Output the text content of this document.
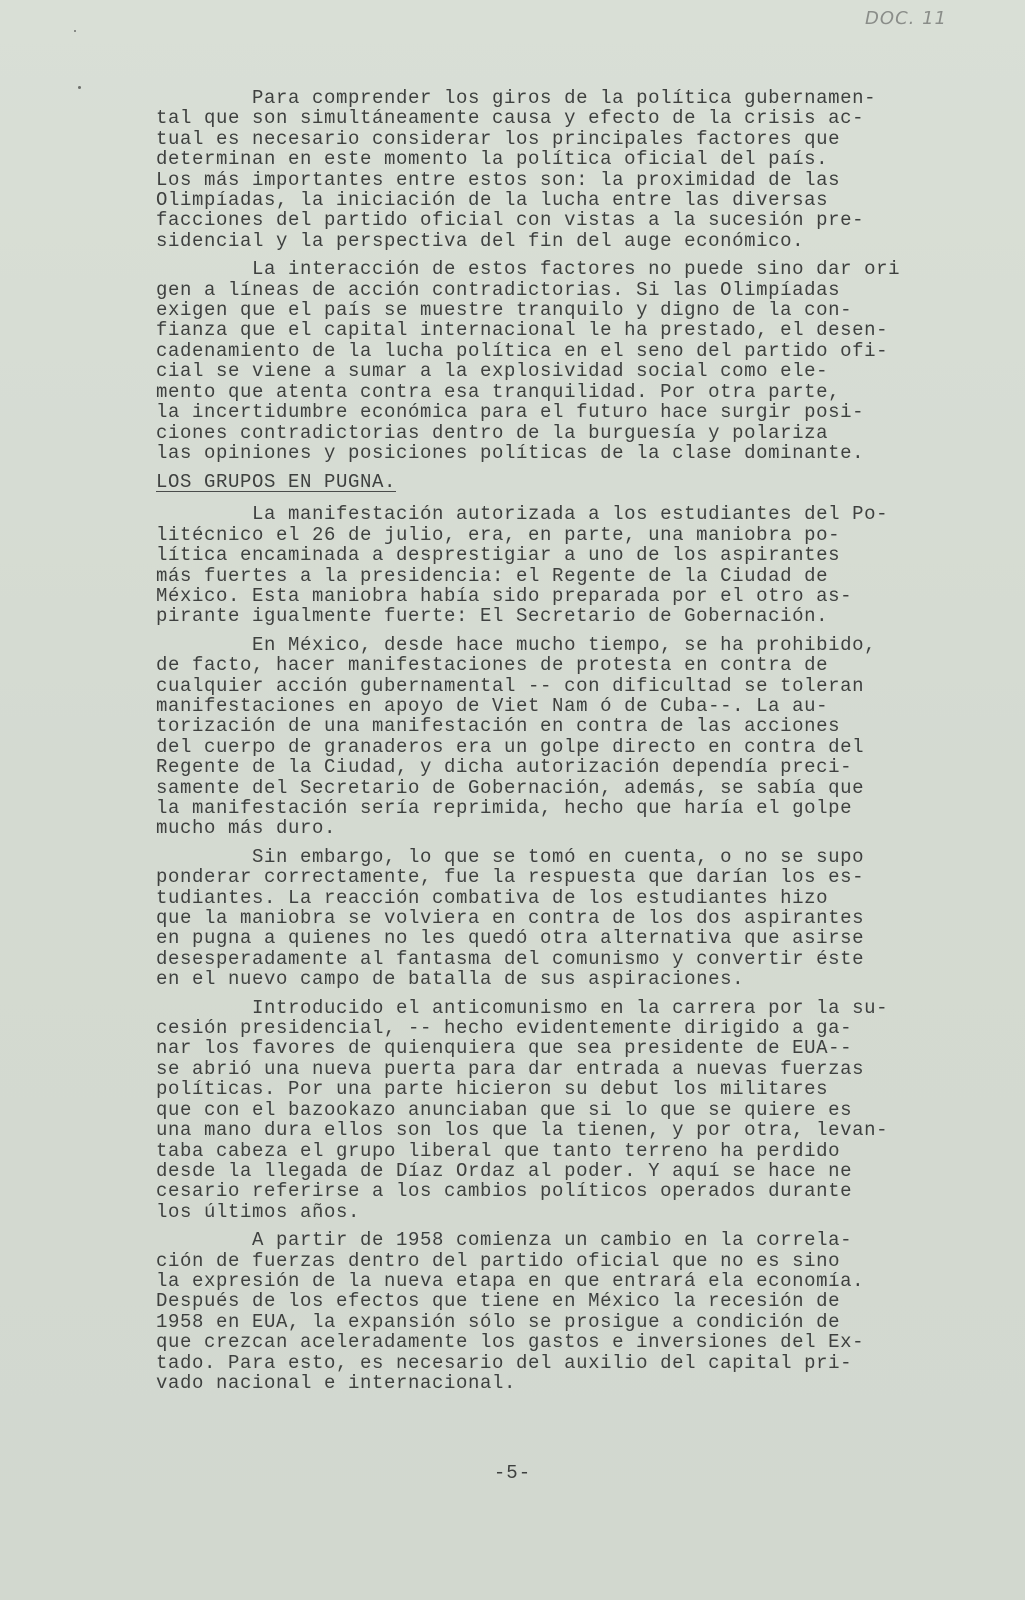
DOC. 11
Para comprender los giros de la política gubernamen-
tal que son simultáneamente causa y efecto de la crisis ac-
tual es necesario considerar los principales factores que
determinan en este momento la política oficial del país.
Los más importantes entre estos son: la proximidad de las
Olimpíadas, la iniciación de la lucha entre las diversas
facciones del partido oficial con vistas a la sucesión pre-
sidencial y la perspectiva del fin del auge económico.
La interacción de estos factores no puede sino dar ori
gen a líneas de acción contradictorias. Si las Olimpíadas
exigen que el país se muestre tranquilo y digno de la con-
fianza que el capital internacional le ha prestado, el desen-
cadenamiento de la lucha política en el seno del partido ofi-
cial se viene a sumar a la explosividad social como ele-
mento que atenta contra esa tranquilidad. Por otra parte,
la incertidumbre económica para el futuro hace surgir posi-
ciones contradictorias dentro de la burguesía y polariza
las opiniones y posiciones políticas de la clase dominante.
LOS GRUPOS EN PUGNA.
La manifestación autorizada a los estudiantes del Po-
litécnico el 26 de julio, era, en parte, una maniobra po-
lítica encaminada a desprestigiar a uno de los aspirantes
más fuertes a la presidencia: el Regente de la Ciudad de
México. Esta maniobra había sido preparada por el otro as-
pirante igualmente fuerte: El Secretario de Gobernación.
En México, desde hace mucho tiempo, se ha prohibido,
de facto, hacer manifestaciones de protesta en contra de
cualquier acción gubernamental -- con dificultad se toleran
manifestaciones en apoyo de Viet Nam ó de Cuba--. La au-
torización de una manifestación en contra de las acciones
del cuerpo de granaderos era un golpe directo en contra del
Regente de la Ciudad, y dicha autorización dependía preci-
samente del Secretario de Gobernación, además, se sabía que
la manifestación sería reprimida, hecho que haría el golpe
mucho más duro.
Sin embargo, lo que se tomó en cuenta, o no se supo
ponderar correctamente, fue la respuesta que darían los es-
tudiantes. La reacción combativa de los estudiantes hizo
que la maniobra se volviera en contra de los dos aspirantes
en pugna a quienes no les quedó otra alternativa que asirse
desesperadamente al fantasma del comunismo y convertir éste
en el nuevo campo de batalla de sus aspiraciones.
Introducido el anticomunismo en la carrera por la su-
cesión presidencial, -- hecho evidentemente dirigido a ga-
nar los favores de quienquiera que sea presidente de EUA--
se abrió una nueva puerta para dar entrada a nuevas fuerzas
políticas. Por una parte hicieron su debut los militares
que con el bazookazo anunciaban que si lo que se quiere es
una mano dura ellos son los que la tienen, y por otra, levan-
taba cabeza el grupo liberal que tanto terreno ha perdido
desde la llegada de Díaz Ordaz al poder. Y aquí se hace ne
cesario referirse a los cambios políticos operados durante
los últimos años.
A partir de 1958 comienza un cambio en la correla-
ción de fuerzas dentro del partido oficial que no es sino
la expresión de la nueva etapa en que entrará ela economía.
Después de los efectos que tiene en México la recesión de
1958 en EUA, la expansión sólo se prosigue a condición de
que crezcan aceleradamente los gastos e inversiones del Ex-
tado. Para esto, es necesario del auxilio del capital pri-
vado nacional e internacional.
-5-
